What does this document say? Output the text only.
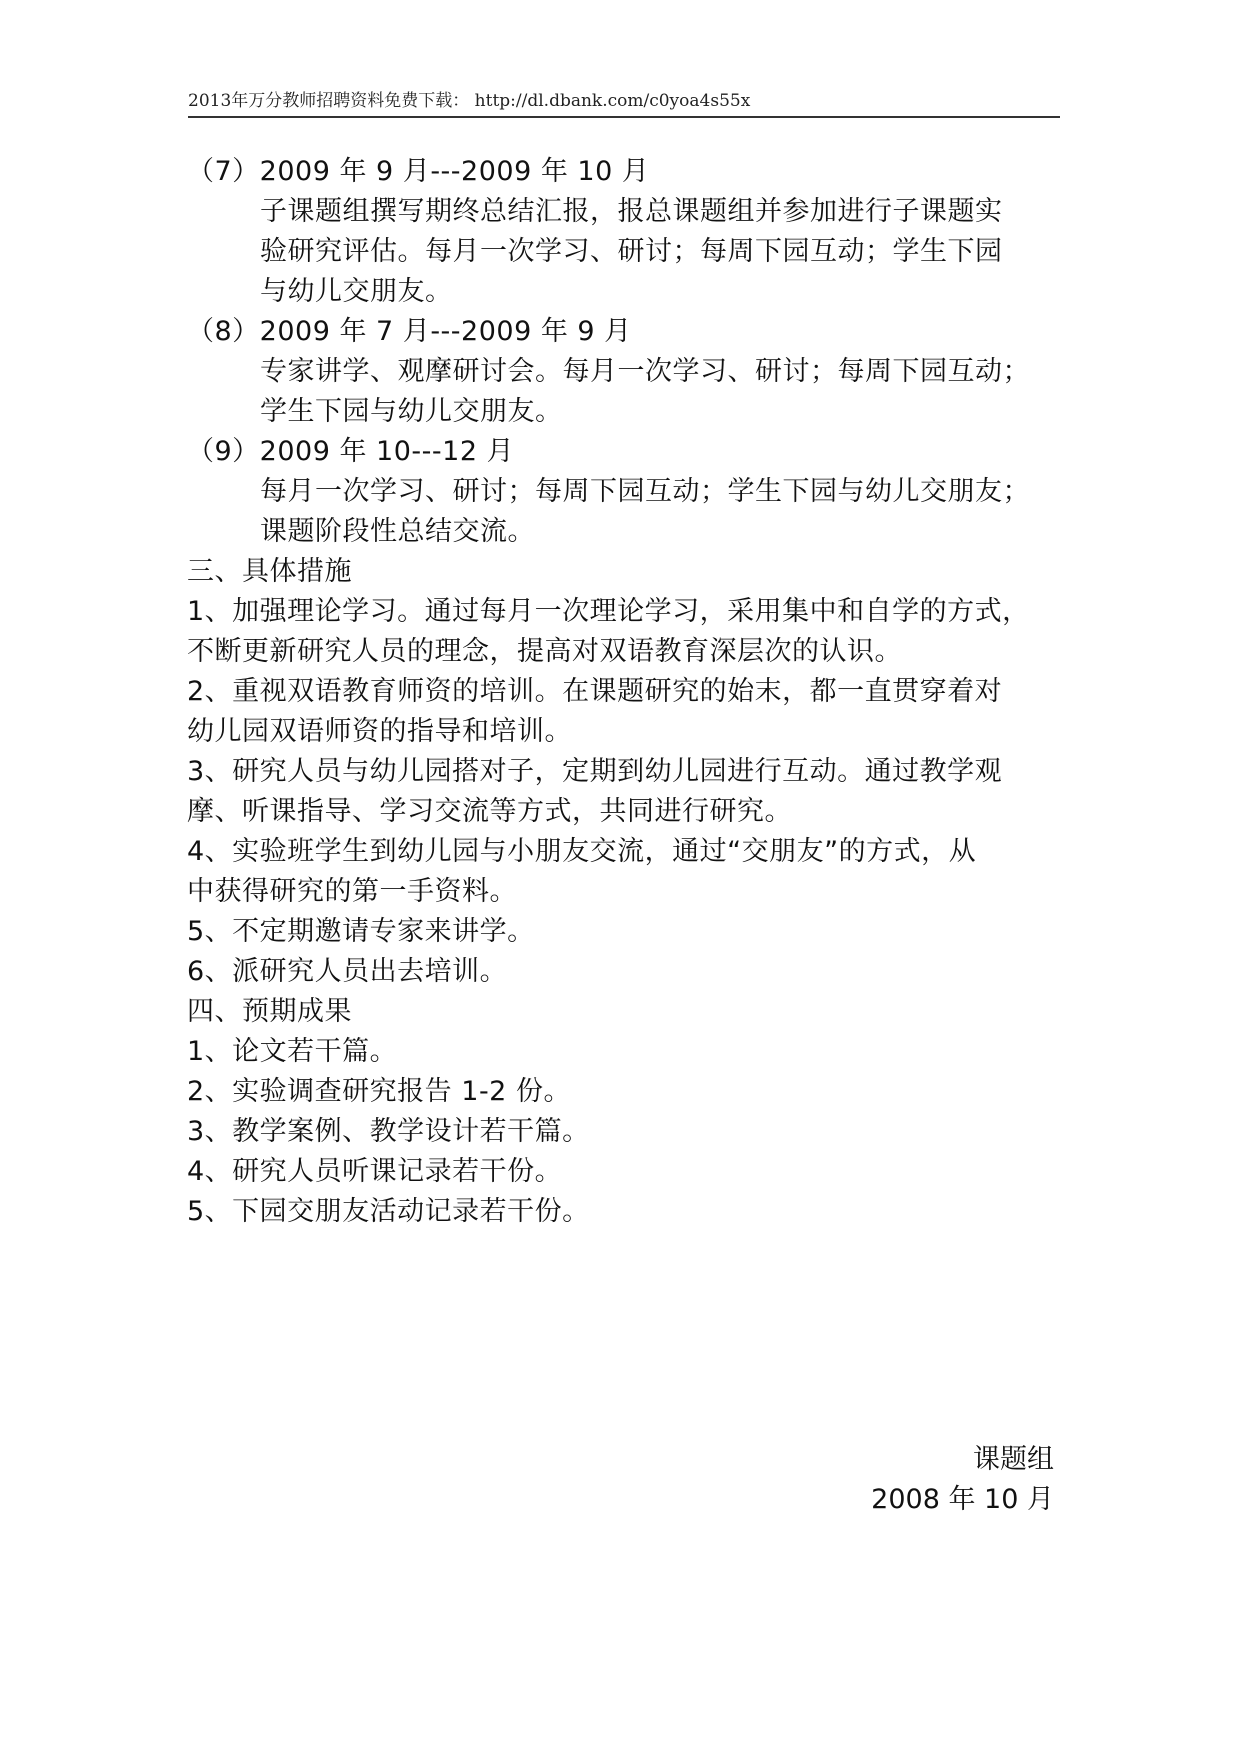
2013年万分教师招聘资料免费下载： http://dl.dbank.com/c0yoa4s55x
（7）2009 年 9 月---2009 年 10 月
子课题组撰写期终总结汇报，报总课题组并参加进行子课题实
验研究评估。每月一次学习、研讨；每周下园互动；学生下园
与幼儿交朋友。
（8）2009 年 7 月---2009 年 9 月
专家讲学、观摩研讨会。每月一次学习、研讨；每周下园互动；
学生下园与幼儿交朋友。
（9）2009 年 10---12 月
每月一次学习、研讨；每周下园互动；学生下园与幼儿交朋友；
课题阶段性总结交流。
三、具体措施
1、加强理论学习。通过每月一次理论学习，采用集中和自学的方式，
不断更新研究人员的理念，提高对双语教育深层次的认识。
2、重视双语教育师资的培训。在课题研究的始末，都一直贯穿着对
幼儿园双语师资的指导和培训。
3、研究人员与幼儿园搭对子，定期到幼儿园进行互动。通过教学观
摩、听课指导、学习交流等方式，共同进行研究。
4、实验班学生到幼儿园与小朋友交流，通过“交朋友”的方式，从
中获得研究的第一手资料。
5、不定期邀请专家来讲学。
6、派研究人员出去培训。
四、预期成果
1、论文若干篇。
2、实验调查研究报告 1-2 份。
3、教学案例、教学设计若干篇。
4、研究人员听课记录若干份。
5、下园交朋友活动记录若干份。
课题组
2008 年 10 月
